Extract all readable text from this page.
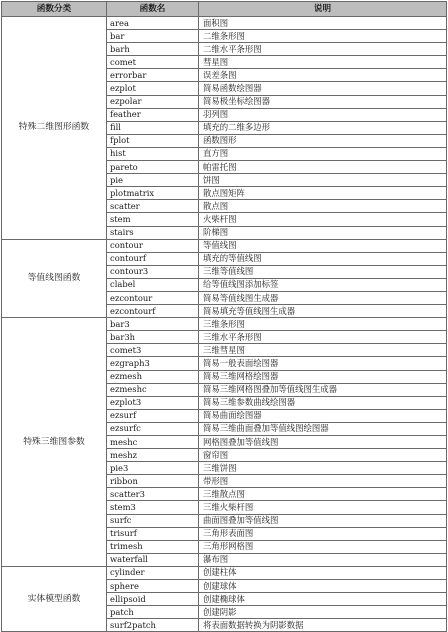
函数分类	函数名	说明
特殊二维图形函数	area	面积图
	bar	二维条形图
	barh	二维水平条形图
	comet	彗星图
	errorbar	误差条图
	ezplot	简易函数绘图器
	ezpolar	简易极坐标绘图器
	feather	羽列图
	fill	填充的二维多边形
	fplot	函数图形
	hist	直方图
	pareto	帕雷托图
	pie	饼图
	plotmatrix	散点图矩阵
	scatter	散点图
	stem	火柴杆图
	stairs	阶梯图
等值线图函数	contour	等值线图
	contourf	填充的等值线图
	contour3	三维等值线图
	clabel	给等值线图添加标签
	ezcontour	简易等值线图生成器
	ezcontourf	简易填充等值线图生成器
特殊三维图参数	bar3	三维条形图
	bar3h	三维水平条形图
	comet3	三维彗星图
	ezgraph3	简易一般表面绘图器
	ezmesh	简易三维网格绘图器
	ezmeshc	简易三维网格图叠加等值线图生成器
	ezplot3	简易三维参数曲线绘图器
	ezsurf	简易曲面绘图器
	ezsurfc	简易三维曲面叠加等值线图绘图器
	meshc	网格图叠加等值线图
	meshz	窗帘图
	pie3	三维饼图
	ribbon	带形图
	scatter3	三维散点图
	stem3	三维火柴杆图
	surfc	曲面图叠加等值线图
	trisurf	三角形表面图
	trimesh	三角形网格图
	waterfall	瀑布图
实体模型函数	cylinder	创建柱体
	sphere	创建球体
	ellipsoid	创建椭球体
	patch	创建阴影
	surf2patch	将表面数据转换为阴影数据
